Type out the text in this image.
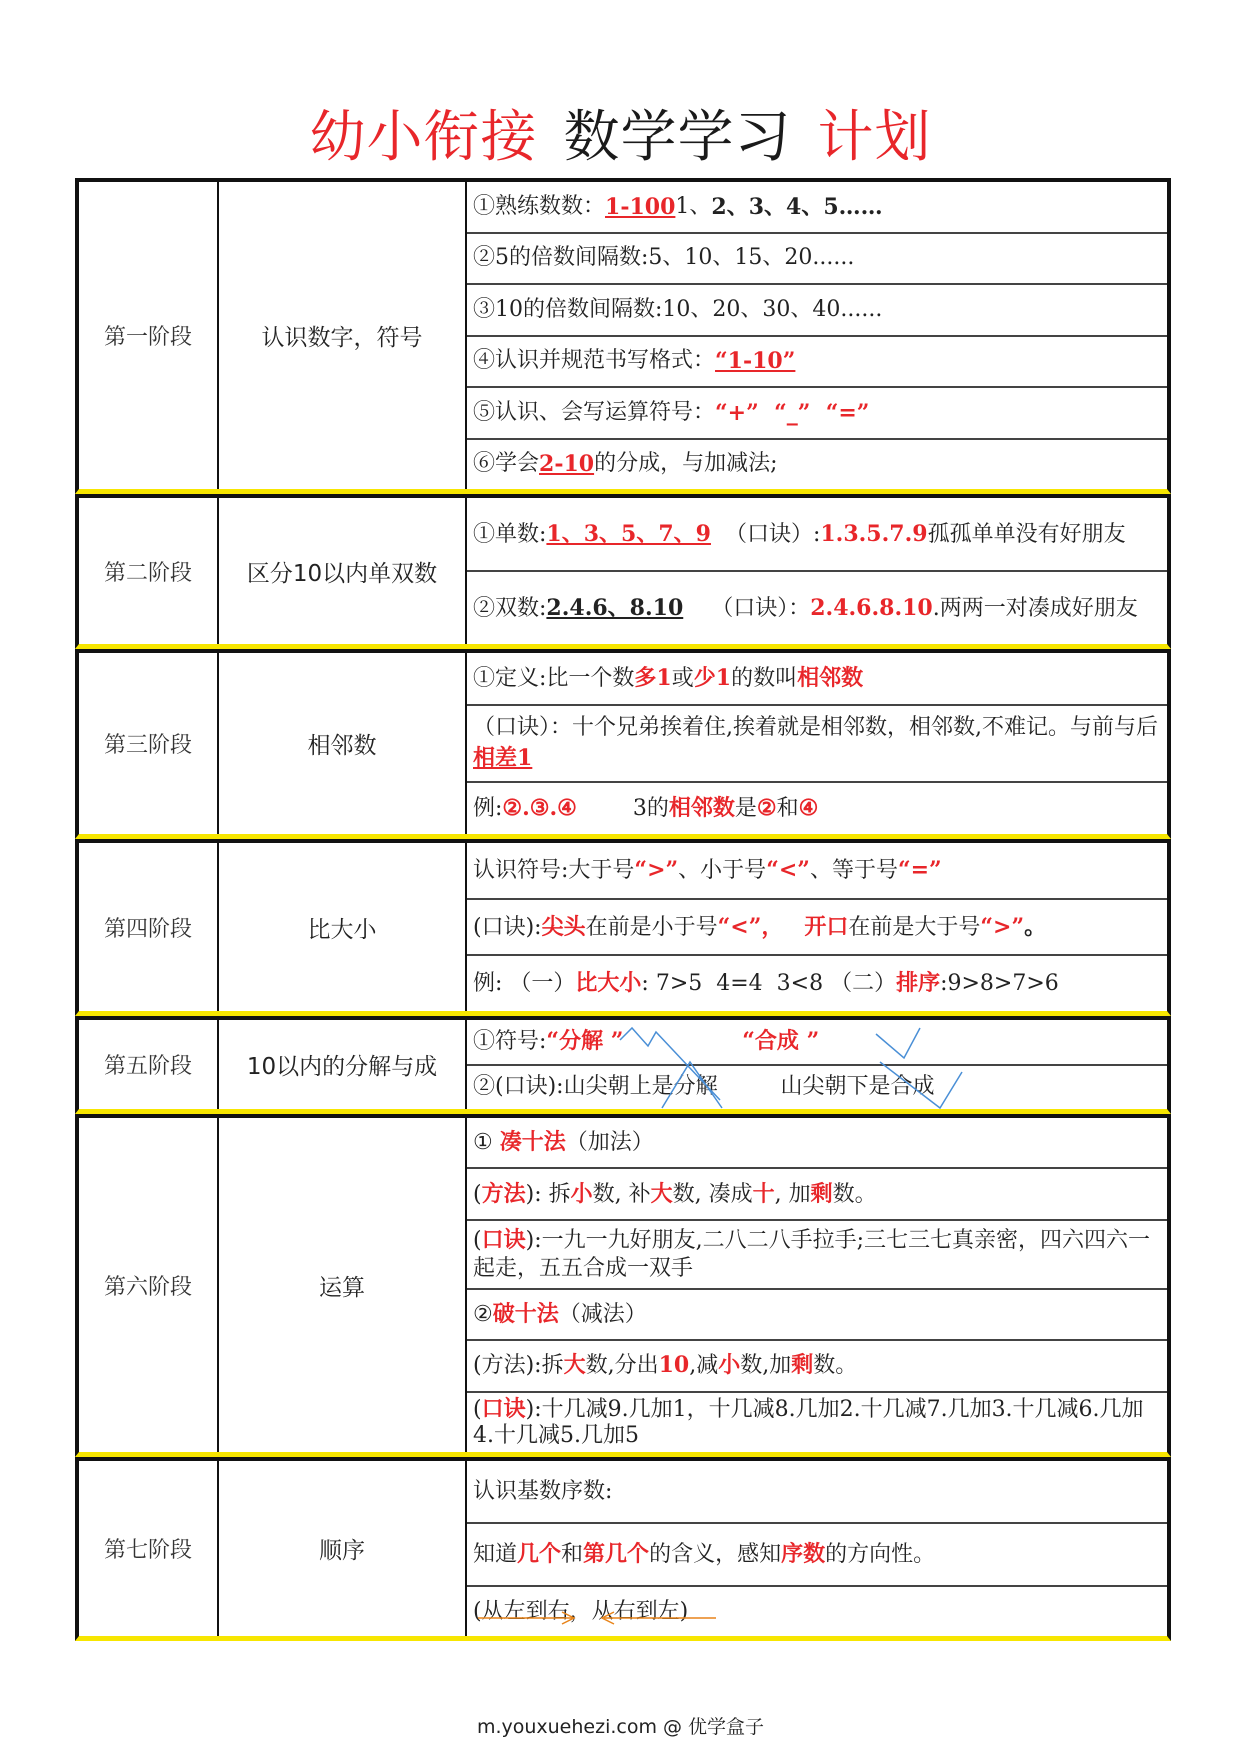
幼小衔接 数学学习 计划
第一阶段	认识数字，符号
①熟练数数： 1-100 1、 2、3、4、5……
②5的倍数间隔数:5、10、15、20......
③10的倍数间隔数:10、20、30、40......
④认识并规范书写格式： “1-10”
⑤认识、会写运算符号： “+”  “_”  “=”
⑥学会 2-10 的分成，与加减法;
第二阶段	区分10以内单双数
①单数:1、3、5、7、9  （口诀）:1.3.5.7.9孤孤单单没有好朋友
②双数:2.4.6、8.10    （口诀）：2.4.6.8.10.两两一对凑成好朋友
第三阶段	相邻数
①定义:比一个数多1或少1的数叫相邻数
（口诀）：十个兄弟挨着住,挨着就是相邻数，相邻数,不难记。与前与后相差1
例:②.③.④        3的相邻数是②和④
第四阶段	比大小
认识符号:大于号“>”、小于号“<”、等于号“=”
(口诀):尖头在前是小于号“<”， 开口在前是大于号“>”。
例: （一）比大小: 7>5  4=4  3<8 （二）排序:9>8>7>6
第五阶段	10以内的分解与成
①符号:“分解 ”	“合成 ”
②(口诀):山尖朝上是分解         山尖朝下是合成
第六阶段	运算
① 凑十法（加法）
(方法): 拆小数, 补大数, 凑成十, 加剩数。
(口诀):一九一九好朋友,二八二八手拉手;三七三七真亲密，四六四六一起走，五五合成一双手
②破十法（减法）
(方法):拆大数,分出10,减小数,加剩数。
(口诀):十几减9.几加1，十几减8.几加2.十几减7.几加3.十几减6.几加4.十几减5.几加5
第七阶段	顺序
认识基数序数:
知道几个和第几个的含义，感知序数的方向性。
(从左到右，从右到左)
m.youxuehezi.com @ 优学盒子
